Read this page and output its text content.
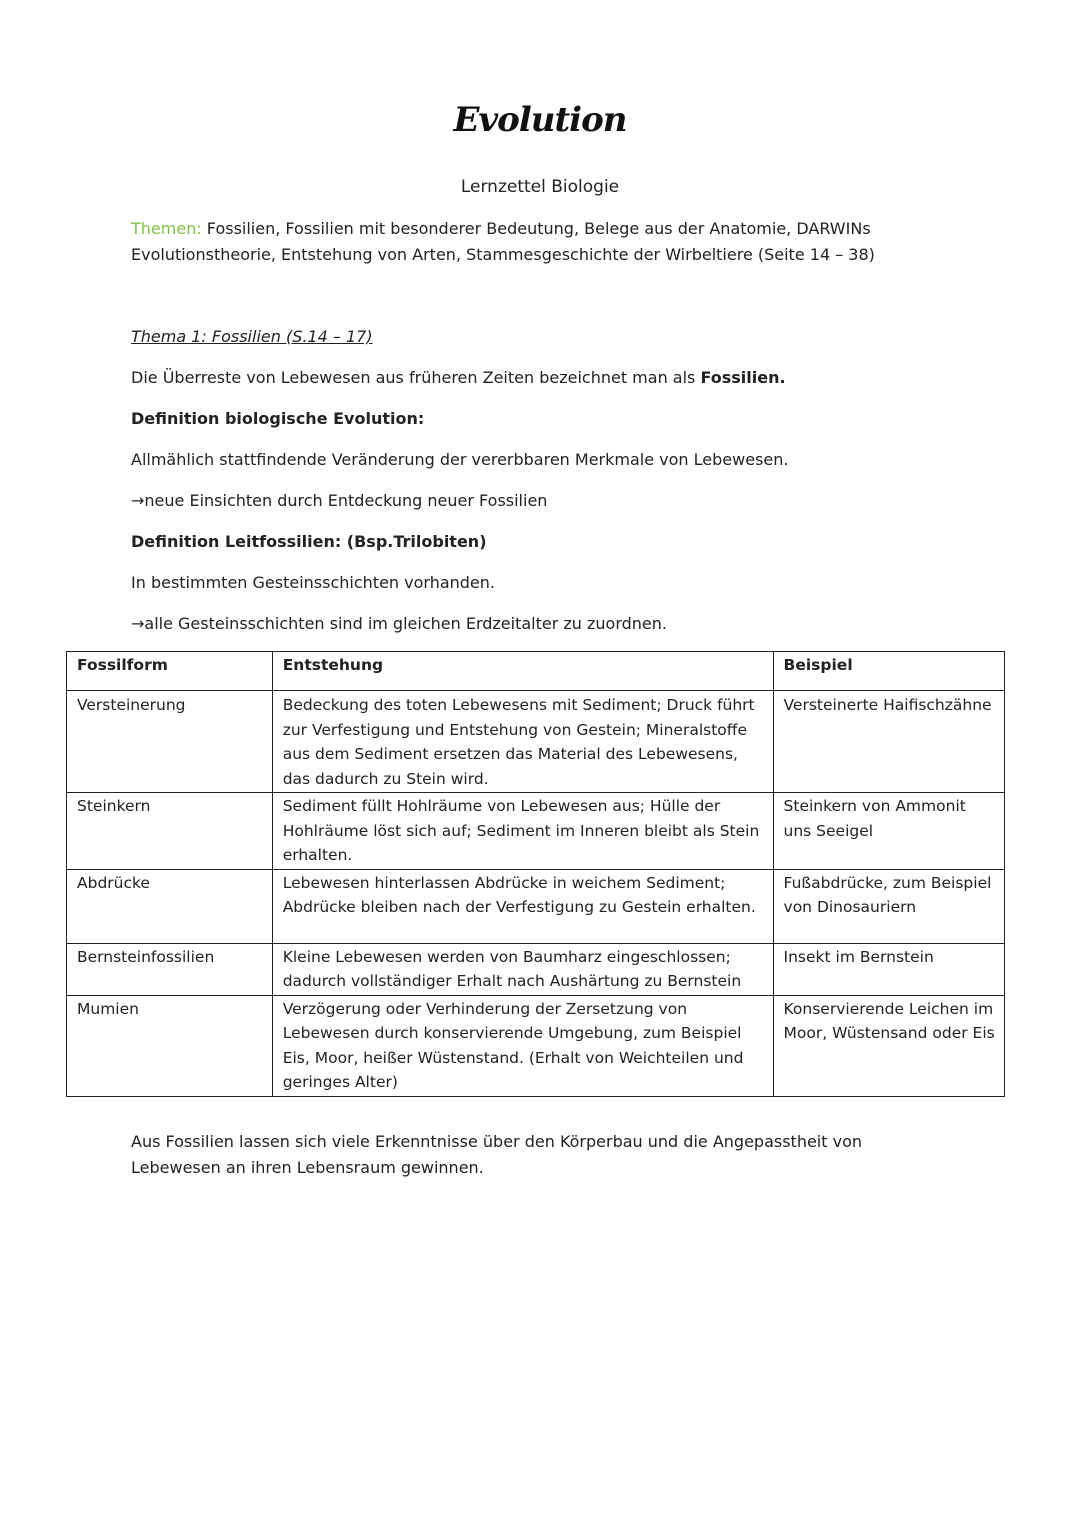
Evolution
Lernzettel Biologie
Themen: Fossilien, Fossilien mit besonderer Bedeutung, Belege aus der Anatomie, DARWINs
Evolutionstheorie, Entstehung von Arten, Stammesgeschichte der Wirbeltiere (Seite 14 – 38)
Thema 1: Fossilien (S.14 – 17)
Die Überreste von Lebewesen aus früheren Zeiten bezeichnet man als Fossilien.
Definition biologische Evolution:
Allmählich stattfindende Veränderung der vererbbaren Merkmale von Lebewesen.
→neue Einsichten durch Entdeckung neuer Fossilien
Definition Leitfossilien: (Bsp.Trilobiten)
In bestimmten Gesteinsschichten vorhanden.
→alle Gesteinsschichten sind im gleichen Erdzeitalter zu zuordnen.
Fossilform	Entstehung	Beispiel
Versteinerung	Bedeckung des toten Lebewesens mit Sediment; Druck führt zur Verfestigung und Entstehung von Gestein; Mineralstoffe aus dem Sediment ersetzen das Material des Lebewesens, das dadurch zu Stein wird.	Versteinerte Haifischzähne
Steinkern	Sediment füllt Hohlräume von Lebewesen aus; Hülle der Hohlräume löst sich auf; Sediment im Inneren bleibt als Stein erhalten.	Steinkern von Ammonit uns Seeigel
Abdrücke	Lebewesen hinterlassen Abdrücke in weichem Sediment; Abdrücke bleiben nach der Verfestigung zu Gestein erhalten.	Fußabdrücke, zum Beispiel von Dinosauriern
Bernsteinfossilien	Kleine Lebewesen werden von Baumharz eingeschlossen; dadurch vollständiger Erhalt nach Aushärtung zu Bernstein	Insekt im Bernstein
Mumien	Verzögerung oder Verhinderung der Zersetzung von Lebewesen durch konservierende Umgebung, zum Beispiel Eis, Moor, heißer Wüstenstand. (Erhalt von Weichteilen und geringes Alter)	Konservierende Leichen im Moor, Wüstensand oder Eis
Aus Fossilien lassen sich viele Erkenntnisse über den Körperbau und die Angepasstheit von
Lebewesen an ihren Lebensraum gewinnen.
